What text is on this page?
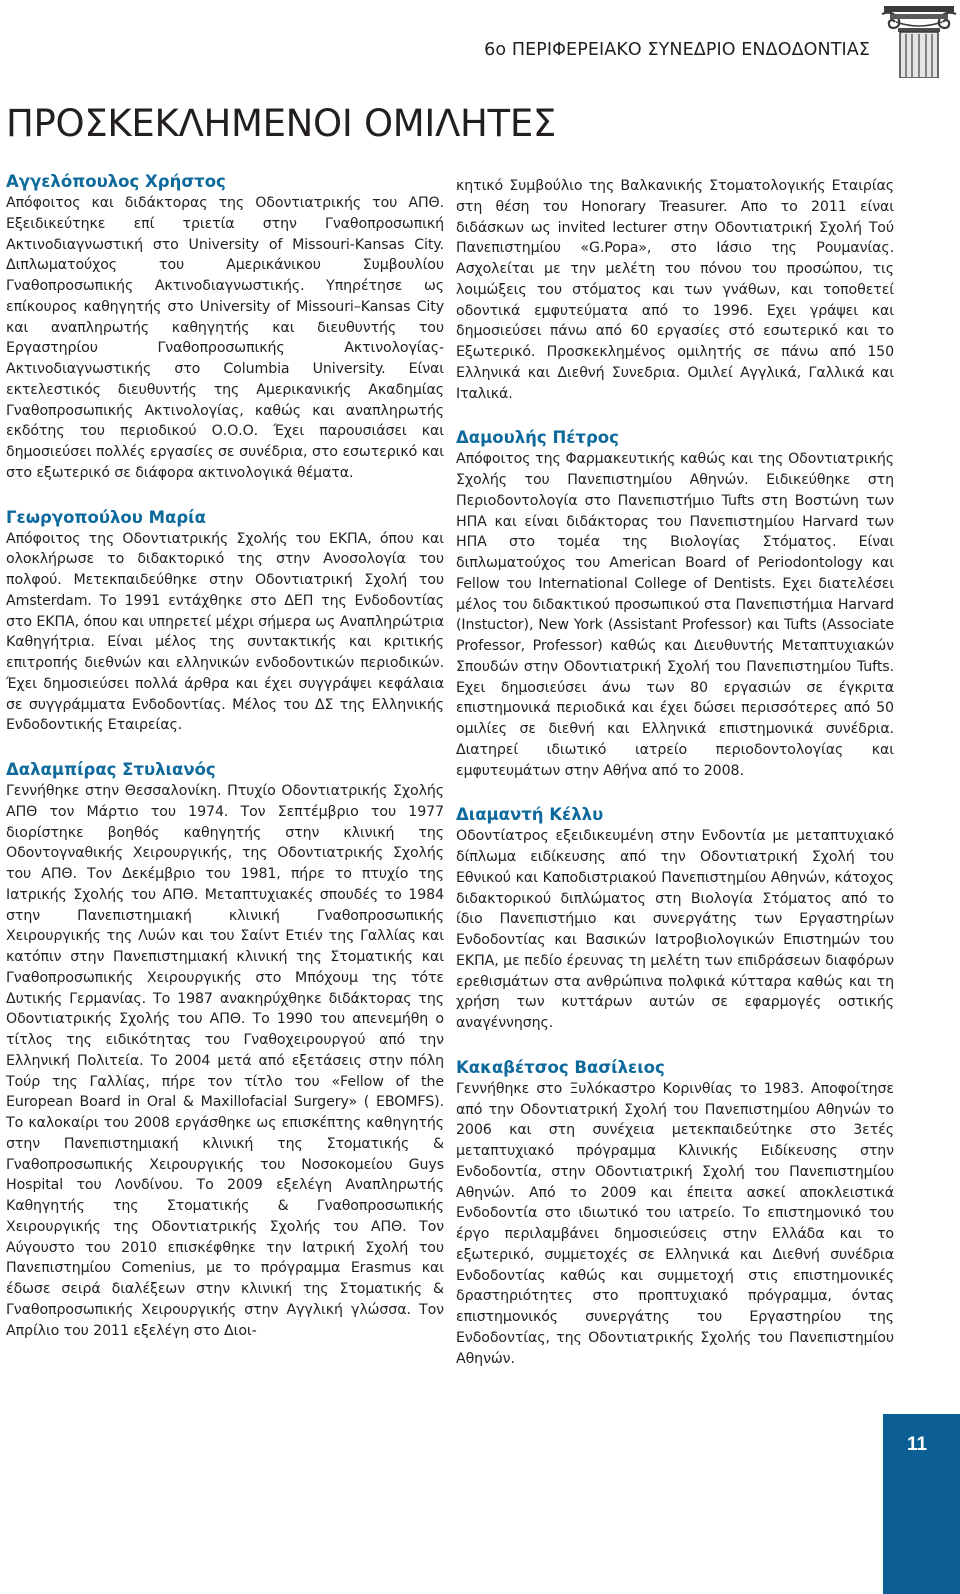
6ο ΠΕΡΙΦΕΡΕΙΑΚΟ ΣΥΝΕΔΡΙΟ ΕΝΔΟΔΟΝΤΙΑΣ
ΠΡΟΣΚΕΚΛΗΜΕΝΟΙ ΟΜΙΛΗΤΕΣ
Αγγελόπουλος Χρήστος

Απόφοιτος και διδάκτορας της Οδοντιατρικής του ΑΠΘ. Εξειδικεύτηκε επί τριετία στην Γναθοπροσωπική Ακτινοδιαγνωστική στο University of Missouri-Kansas City. Διπλωματούχος του Αμερικάνικου Συμβουλίου Γναθοπροσωπικής Ακτινοδιαγνωστικής. Υπηρέτησε ως επίκουρος καθηγητής στο University of Missouri–Kansas City και αναπληρωτής καθηγητής και διευθυντής του Εργαστηρίου Γναθοπροσωπικής Ακτινολογίας-Ακτινοδιαγνωστικής στο Columbia University. Είναι εκτελεστικός διευθυντής της Αμερικανικής Ακαδημίας Γναθοπροσωπικής Ακτινολογίας, καθώς και αναπληρωτής εκδότης του περιοδικού Ο.Ο.Ο. Έχει παρουσιάσει και δημοσιεύσει πολλές εργασίες σε συνέδρια, στο εσωτερικό και στο εξωτερικό σε διάφορα ακτινολογικά θέματα.

Γεωργοπούλου Μαρία

Απόφοιτος της Οδοντιατρικής Σχολής του ΕΚΠΑ, όπου και ολοκλήρωσε το διδακτορικό της στην Ανοσολογία του πολφού. Μετεκπαιδεύθηκε στην Οδοντιατρική Σχολή του Amsterdam. Το 1991 εντάχθηκε στο ΔΕΠ της Ενδοδοντίας στο ΕΚΠΑ, όπου και υπηρετεί μέχρι σήμερα ως Αναπληρώτρια Καθηγήτρια. Είναι μέλος της συντακτικής και κριτικής επιτροπής διεθνών και ελληνικών ενδοδοντικών περιοδικών. Έχει δημοσιεύσει πολλά άρθρα και έχει συγγράψει κεφάλαια σε συγγράμματα Ενδοδοντίας. Μέλος του ΔΣ της Ελληνικής Ενδοδοντικής Εταιρείας.

Δαλαμπίρας Στυλιανός

Γεννήθηκε στην Θεσσαλονίκη. Πτυχίο Οδοντιατρικής Σχολής ΑΠΘ τον Μάρτιο του 1974. Τον Σεπτέμβριο του 1977 διορίστηκε βοηθός καθηγητής στην κλινική της Οδοντογναθικής Χειρουργικής, της Οδοντιατρικής Σχολής του ΑΠΘ. Τον Δεκέμβριο του 1981, πήρε το πτυχίο της Ιατρικής Σχολής του ΑΠΘ. Μεταπτυχιακές σπουδές το 1984 στην Πανεπιστημιακή κλινική Γναθοπροσωπικής Χειρουργικής της Λυών και του Σαίντ Ετιέν της Γαλλίας και κατόπιν στην Πανεπιστημιακή κλινική της Στοματικής και Γναθοπροσωπικής Χειρουργικής στο Μπόχουμ της τότε Δυτικής Γερμανίας. Το 1987 ανακηρύχθηκε διδάκτορας της Οδοντιατρικής Σχολής του ΑΠΘ. Το 1990 του απενεμήθη ο τίτλος της ειδικότητας του Γναθοχειρουργού από την Ελληνική Πολιτεία. Το 2004 μετά από εξετάσεις στην πόλη Τούρ της Γαλλίας, πήρε τον τίτλο του «Fellow of the European Board in Oral & Maxillofacial Surgery» ( EBOMFS). Το καλοκαίρι του 2008 εργάσθηκε ως επισκέπτης καθηγητής στην Πανεπιστημιακή κλινική της Στοματικής & Γναθοπροσωπικής Χειρουργικής του Νοσοκομείου Guys Hospital του Λονδίνου. Το 2009 εξελέγη Αναπληρωτής Καθηγητής της Στοματικής & Γναθοπροσωπικής Χειρουργικής της Οδοντιατρικής Σχολής του ΑΠΘ. Τον Αύγουστο του 2010 επισκέφθηκε την Ιατρική Σχολή του Πανεπιστημίου Comenius, με το πρόγραμμα Erasmus και έδωσε σειρά διαλέξεων στην κλινική της Στοματικής & Γναθοπροσωπικής Χειρουργικής στην Αγγλική γλώσσα. Τον Απρίλιο του 2011 εξελέγη στο Διοι-

κητικό Συμβούλιο της Βαλκανικής Στοματολογικής Εταιρίας στη θέση του Honorary Treasurer. Απο το 2011 είναι διδάσκων ως invited lecturer στην Οδοντιατρική Σχολή Τού Πανεπιστημίου «G.Popa», στο Ιάσιο της Ρουμανίας. Ασχολείται με την μελέτη του πόνου του προσώπου, τις λοιμώξεις του στόματος και των γνάθων, και τοποθετεί οδοντικά εμφυτεύματα από το 1996. Εχει γράψει και δημοσιεύσει πάνω από 60 εργασίες στό εσωτερικό και το Εξωτερικό. Προσκεκλημένος ομιλητής σε πάνω από 150 Ελληνικά και Διεθνή Συνεδρια. Ομιλεί Αγγλικά, Γαλλικά και Ιταλικά.

Δαμουλής Πέτρος

Απόφοιτος της Φαρμακευτικής καθώς και της Οδοντιατρικής Σχολής του Πανεπιστημίου Αθηνών. Ειδικεύθηκε στη Περιοδοντολογία στο Πανεπιστήμιο Tufts στη Βοστώνη των ΗΠΑ και είναι διδάκτορας του Πανεπιστημίου Harvard των ΗΠΑ στο τομέα της Βιολογίας Στόματος. Είναι διπλωματούχος του American Board of Periodontology και Fellow του International College of Dentists. Εχει διατελέσει μέλος του διδακτικού προσωπικού στα Πανεπιστήμια Harvard (Instuctor), New York (Assistant Professor) και Tufts (Associate Professor, Professor) καθώς και Διευθυντής Μεταπτυχιακών Σπουδών στην Οδοντιατρική Σχολή του Πανεπιστημίου Tufts. Εχει δημοσιεύσει άνω των 80 εργασιών σε έγκριτα επιστημονικά περιοδικά και έχει δώσει περισσότερες από 50 ομιλίες σε διεθνή και Ελληνικά επιστημονικά συνέδρια. Διατηρεί ιδιωτικό ιατρείο περιοδοντολογίας και εμφυτευμάτων στην Αθήνα από το 2008.

Διαμαντή Κέλλυ

Οδοντίατρος εξειδικευμένη στην Ενδοντία με μεταπτυχιακό δίπλωμα ειδίκευσης από την Οδοντιατρική Σχολή του Εθνικού και Καποδιστριακού Πανεπιστημίου Αθηνών, κάτοχος διδακτορικού διπλώματος στη Βιολογία Στόματος από το ίδιο Πανεπιστήμιο και συνεργάτης των Εργαστηρίων Ενδοδοντίας και Βασικών Ιατροβιολογικών Επιστημών του ΕΚΠΑ, με πεδίο έρευνας τη μελέτη των επιδράσεων διαφόρων ερεθισμάτων στα ανθρώπινα πολφικά κύτταρα καθώς και τη χρήση των κυττάρων αυτών σε εφαρμογές οστικής αναγέννησης.

Κακαβέτσος Βασίλειος

Γεννήθηκε στο Ξυλόκαστρο Κορινθίας το 1983. Αποφοίτησε από την Οδοντιατρική Σχολή του Πανεπιστημίου Αθηνών το 2006 και στη συνέχεια μετεκπαιδεύτηκε στο 3ετές μεταπτυχιακό πρόγραμμα Κλινικής Ειδίκευσης στην Ενδοδοντία, στην Οδοντιατρική Σχολή του Πανεπιστημίου Αθηνών. Από το 2009 και έπειτα ασκεί αποκλειστικά Ενδοδοντία στο ιδιωτικό του ιατρείο. Το επιστημονικό του έργο περιλαμβάνει δημοσιεύσεις στην Ελλάδα και το εξωτερικό, συμμετοχές σε Ελληνικά και Διεθνή συνέδρια Ενδοδοντίας καθώς και συμμετοχή στις επιστημονικές δραστηριότητες στο προπτυχιακό πρόγραμμα, όντας επιστημονικός συνεργάτης του Εργαστηρίου της Ενδοδοντίας, της Οδοντιατρικής Σχολής του Πανεπιστημίου Αθηνών.

11
